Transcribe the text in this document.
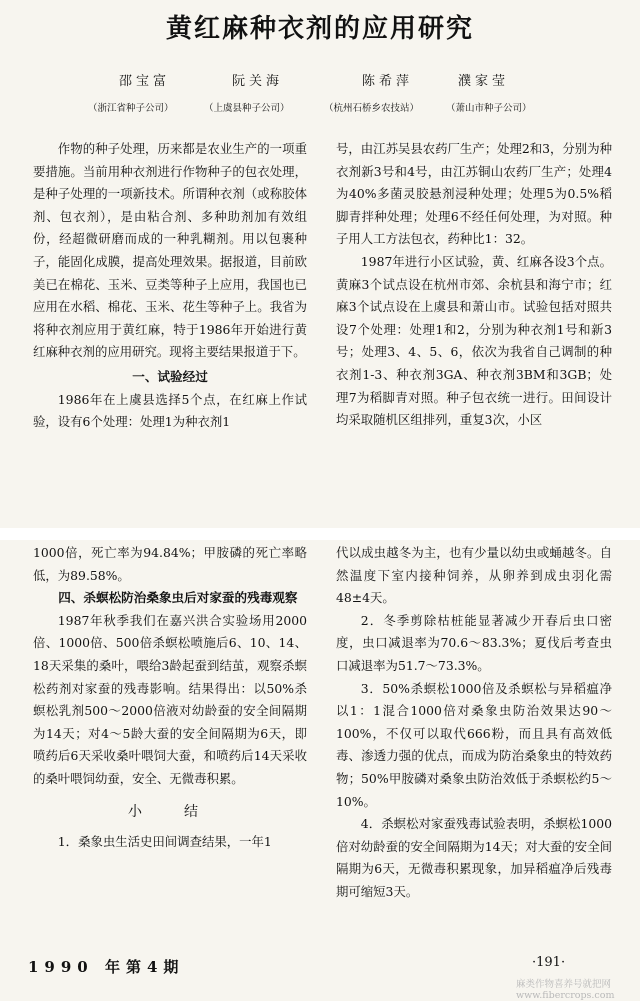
黄红麻种衣剂的应用研究
邵宝富	阮关海	陈希萍	濮家莹
（浙江省种子公司）	（上虞县种子公司）	（杭州石桥乡农技站）	（萧山市种子公司）

作物的种子处理，历来都是农业生产的一项重要措施。当前用种衣剂进行作物种子的包衣处理，是种子处理的一项新技术。所谓种衣剂（或称胶体剂、包衣剂），是由粘合剂、多种助剂加有效组份，经超微研磨而成的一种乳糊剂。用以包裹种子，能固化成膜，提高处理效果。据报道，目前欧美已在棉花、玉米、豆类等种子上应用，我国也已应用在水稻、棉花、玉米、花生等种子上。我省为将种衣剂应用于黄红麻，特于1986年开始进行黄红麻种衣剂的应用研究。现将主要结果报道于下。

一、试验经过

1986年在上虞县选择5个点，在红麻上作试验，设有6个处理：处理1为种衣剂1

号，由江苏吴县农药厂生产；处理2和3，分别为种衣剂新3号和4号，由江苏铜山农药厂生产；处理4为40%多菌灵胶悬剂浸种处理；处理5为0.5%稻脚青拌种处理；处理6不经任何处理，为对照。种子用人工方法包衣，药种比1：32。

1987年进行小区试验，黄、红麻各设3个点。黄麻3个试点设在杭州市郊、余杭县和海宁市；红麻3个试点设在上虞县和萧山市。试验包括对照共设7个处理：处理1和2，分别为种衣剂1号和新3号；处理3、4、5、6，依次为我省自己调制的种衣剂1-3、种衣剂3GA、种衣剂3BM和3GB；处理7为稻脚青对照。种子包衣统一进行。田间设计均采取随机区组排列，重复3次，小区

1000倍，死亡率为94.84%；甲胺磷的死亡率略低，为89.58%。

四、杀螟松防治桑象虫后对家蚕的残毒观察

1987年秋季我们在嘉兴洪合实验场用2000倍、1000倍、500倍杀螟松喷施后6、10、14、18天采集的桑叶，喂给3龄起蚕到结茧，观察杀螟松药剂对家蚕的残毒影响。结果得出：以50%杀螟松乳剂500～2000倍液对幼龄蚕的安全间隔期为14天；对4～5龄大蚕的安全间隔期为6天，即喷药后6天采收桑叶喂饲大蚕，和喷药后14天采收的桑叶喂饲幼蚕，安全、无微毒积累。

小　结

1．桑象虫生活史田间调查结果，一年1

代以成虫越冬为主，也有少量以幼虫或蛹越冬。自然温度下室内接种饲养，从卵养到成虫羽化需48±4天。

2．冬季剪除枯桩能显著减少开春后虫口密度，虫口减退率为70.6～83.3%；夏伐后考查虫口减退率为51.7～73.3%。

3．50%杀螟松1000倍及杀螟松与异稻瘟净以1：1混合1000倍对桑象虫防治效果达90～100%，不仅可以取代666粉，而且具有高效低毒、渗透力强的优点，而成为防治桑象虫的特效药物；50%甲胺磷对桑象虫防治效低于杀螟松约5～10%。

4．杀螟松对家蚕残毒试验表明，杀螟松1000倍对幼龄蚕的安全间隔期为14天；对大蚕的安全间隔期为6天，无微毒积累现象，加异稻瘟净后残毒期可缩短3天。

1990 年第4期	·191·
麻类作物喜养号就把网 www.fibercrops.com
